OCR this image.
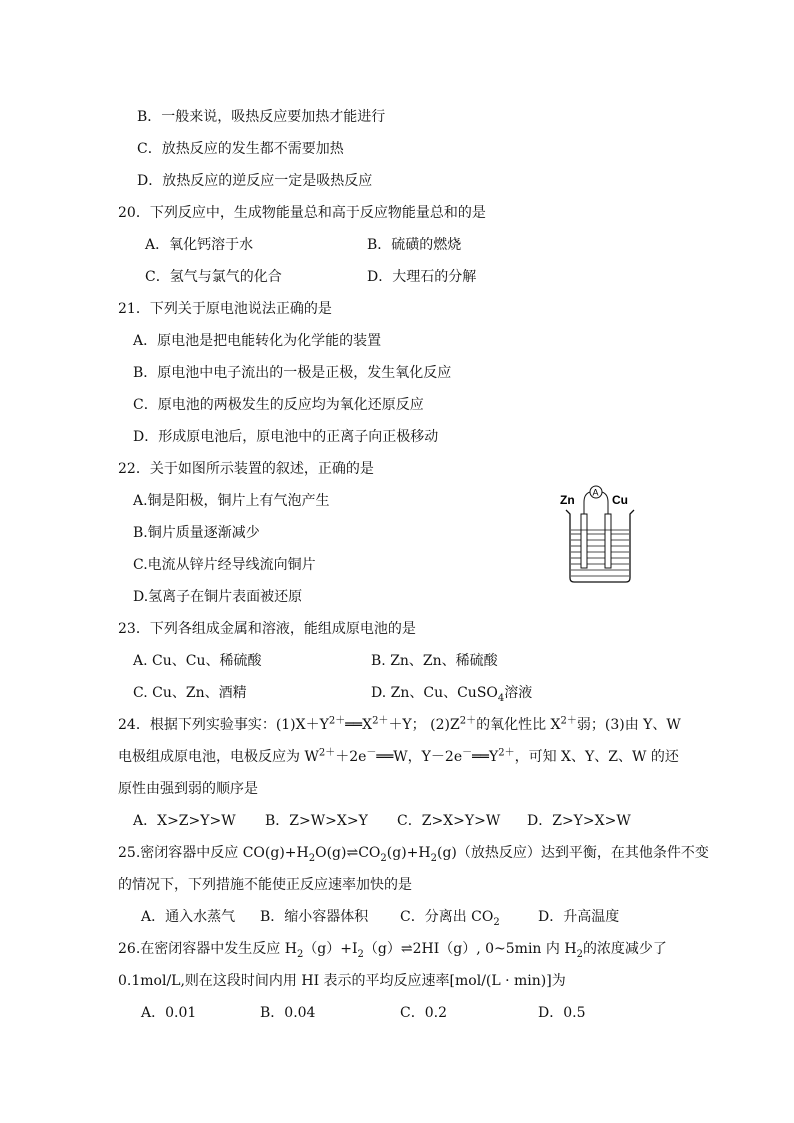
B．一般来说，吸热反应要加热才能进行
C．放热反应的发生都不需要加热
D．放热反应的逆反应一定是吸热反应
20．下列反应中，生成物能量总和高于反应物能量总和的是
A．氧化钙溶于水	B．硫磺的燃烧
C．氢气与氯气的化合	D．大理石的分解
21．下列关于原电池说法正确的是
A．原电池是把电能转化为化学能的装置
B．原电池中电子流出的一极是正极，发生氧化反应
C．原电池的两极发生的反应均为氧化还原反应
D．形成原电池后，原电池中的正离子向正极移动
22．关于如图所示装置的叙述，正确的是
A.铜是阳极，铜片上有气泡产生
B.铜片质量逐渐减少
C.电流从锌片经导线流向铜片
D.氢离子在铜片表面被还原
Zn	Cu
A
23．下列各组成金属和溶液，能组成原电池的是
A. Cu、Cu、稀硫酸	B. Zn、Zn、稀硫酸
C. Cu、Zn、酒精	D. Zn、Cu、CuSO$_4$溶液
24．根据下列实验事实：$(1)X+Y^{2+}══X^{2+}+Y$； $(2)Z^{2+}$的氧化性比 $X^{2+}$弱；(3)由 Y、W
电极组成原电池，电极反应为 $W^{2+}+2e^-══W$，$Y-2e^-══Y^{2+}$，可知 X、Y、Z、W 的还
原性由强到弱的顺序是
A．X>Z>Y>W B．Z>W>X>Y C．Z>X>Y>W D．Z>Y>X>W
25.密闭容器中反应 $CO(g)+H_2O(g)\rightleftharpoons CO_2(g)+H_2(g)$（放热反应）达到平衡，在其他条件不变
的情况下，下列措施不能使正反应速率加快的是
A．通入水蒸气 B．缩小容器体积 C．分离出 $CO_2$	D．升高温度
26.在密闭容器中发生反应 $H_2(g)+I_2(g)\rightleftharpoons 2HI(g)$, 0~5min 内 $H_2$的浓度减少了
0.1mol/L,则在这段时间内用 HI 表示的平均反应速率[mol/(L · min)]为
A．0.01	B．0.04	C．0.2	D．0.5
